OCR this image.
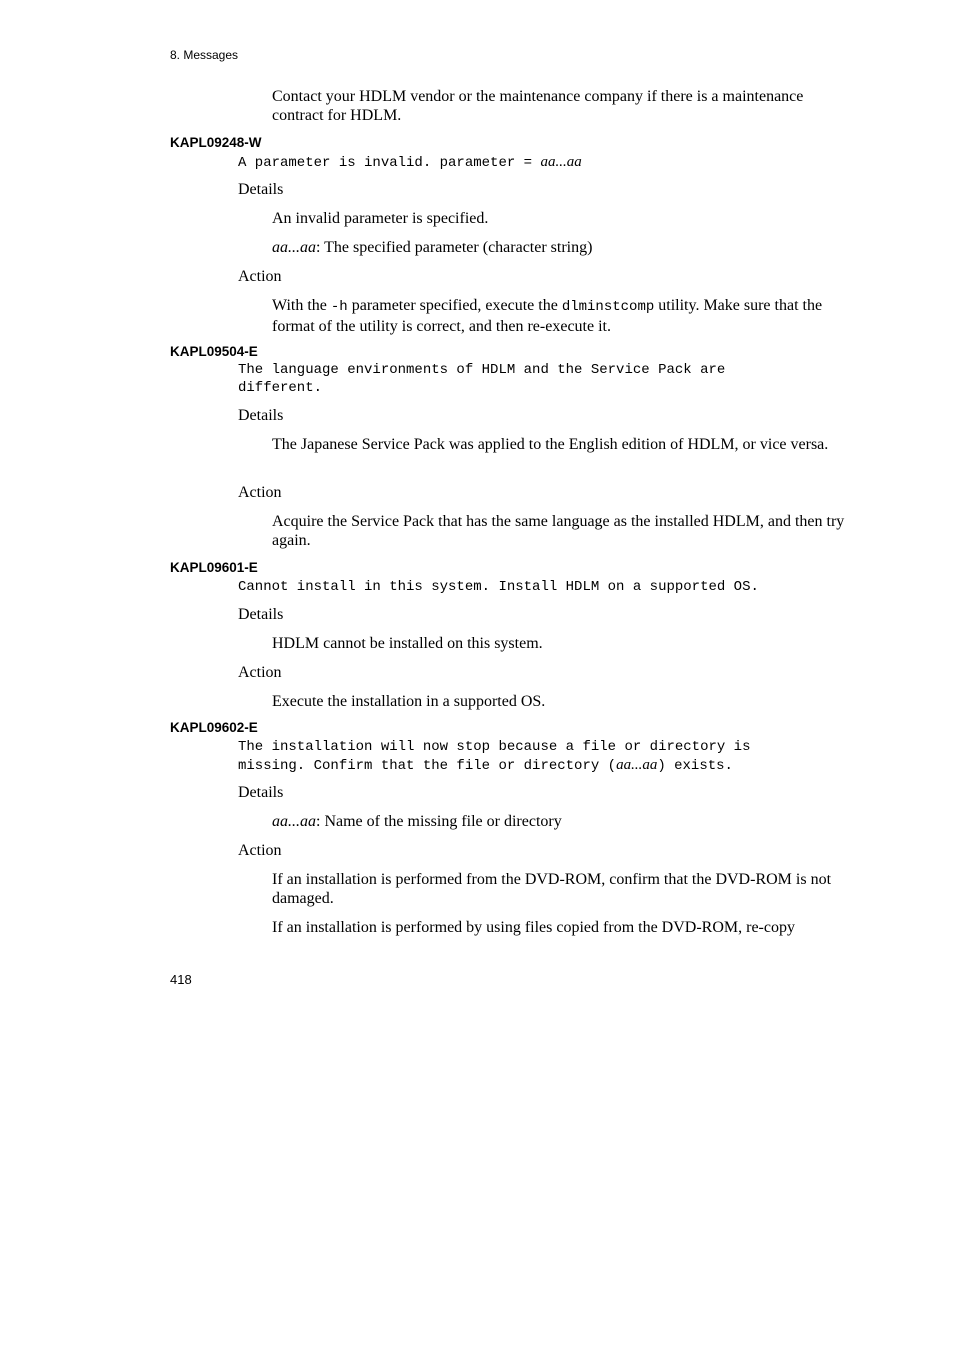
8. Messages
Contact your HDLM vendor or the maintenance company if there is a maintenance contract for HDLM.
KAPL09248-W
A parameter is invalid. parameter = aa...aa
Details
An invalid parameter is specified.
aa...aa: The specified parameter (character string)
Action
With the -h parameter specified, execute the dlminstcomp utility. Make sure that the format of the utility is correct, and then re-execute it.
KAPL09504-E
The language environments of HDLM and the Service Pack are
different.
Details
The Japanese Service Pack was applied to the English edition of HDLM, or vice versa.
Action
Acquire the Service Pack that has the same language as the installed HDLM, and then try again.
KAPL09601-E
Cannot install in this system. Install HDLM on a supported OS.
Details
HDLM cannot be installed on this system.
Action
Execute the installation in a supported OS.
KAPL09602-E
The installation will now stop because a file or directory is
missing. Confirm that the file or directory (aa...aa) exists.
Details
aa...aa: Name of the missing file or directory
Action
If an installation is performed from the DVD-ROM, confirm that the DVD-ROM is not damaged.
If an installation is performed by using files copied from the DVD-ROM, re-copy
418
